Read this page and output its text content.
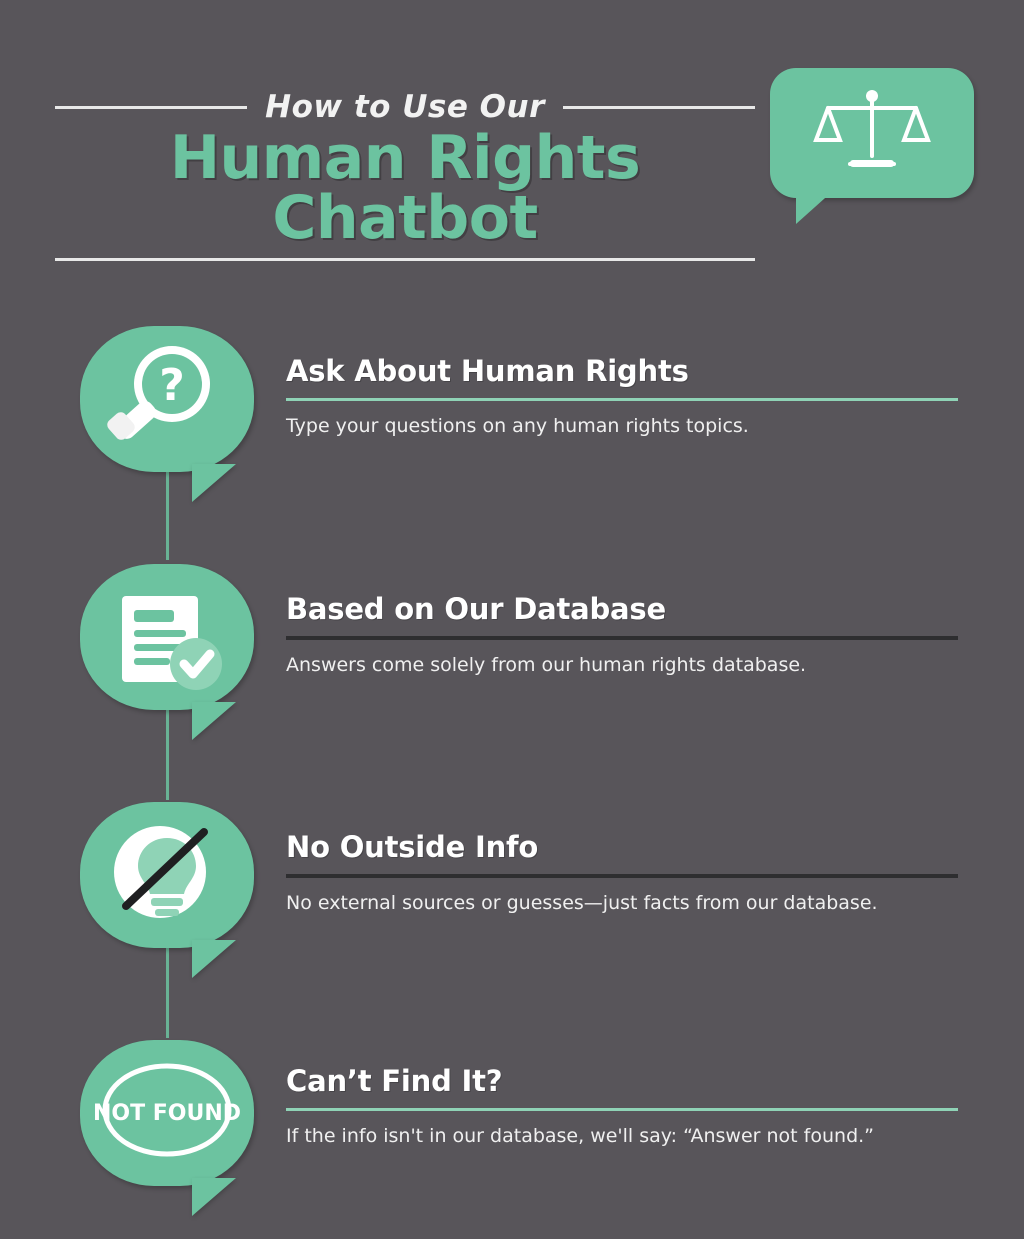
How to Use Our
Human Rights Chatbot
?	Ask About Human Rights

Type your questions on any human rights topics.

Based on Our Database

Answers come solely from our human rights database.

No Outside Info

No external sources or guesses—just facts from our database.

NOT FOUND
Can’t Find It?

If the info isn't in our database, we'll say: “Answer not found.”
